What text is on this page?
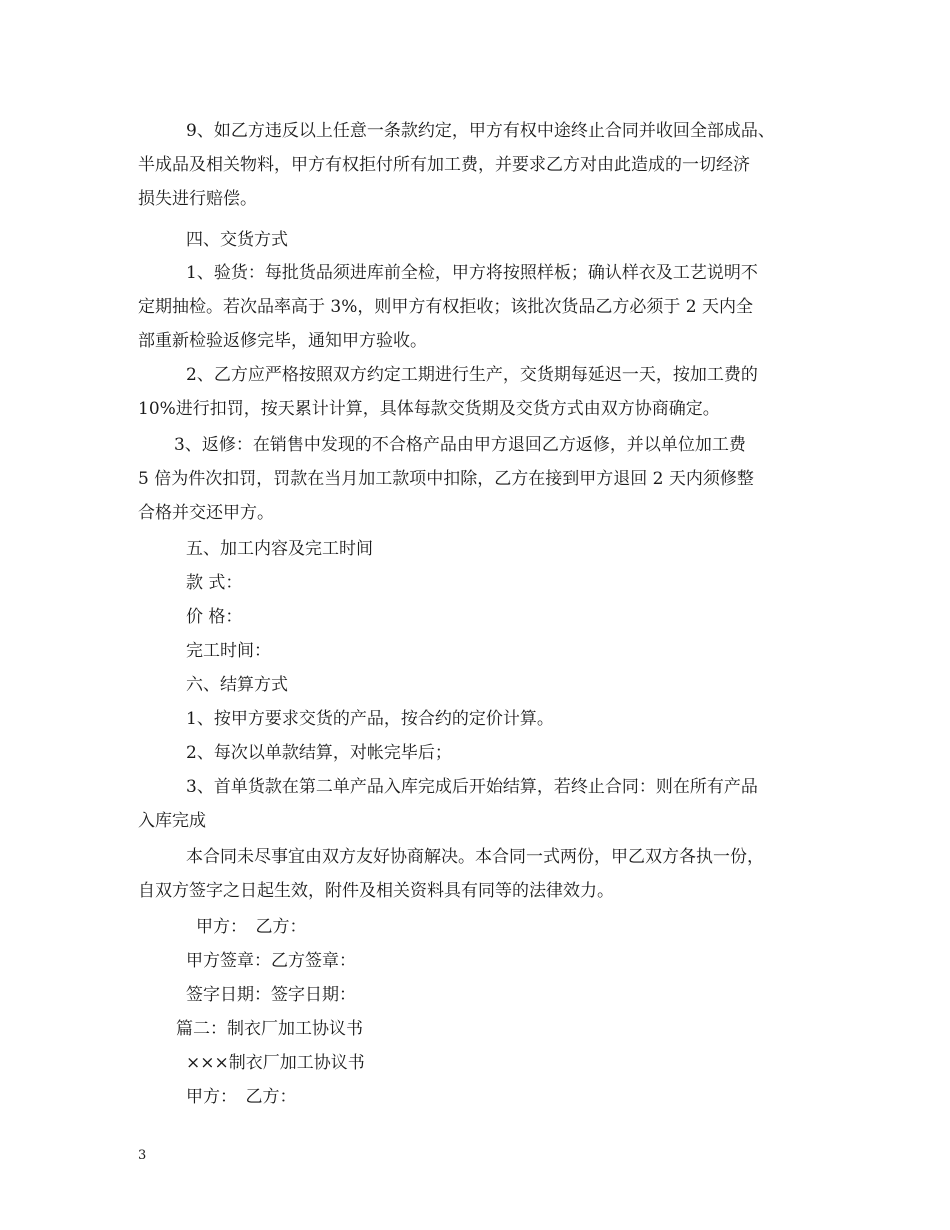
9、如乙方违反以上任意一条款约定，甲方有权中途终止合同并收回全部成品、
半成品及相关物料，甲方有权拒付所有加工费，并要求乙方对由此造成的一切经济
损失进行赔偿。
四、交货方式
1、验货：每批货品须进库前全检，甲方将按照样板；确认样衣及工艺说明不
定期抽检。若次品率高于 3%，则甲方有权拒收；该批次货品乙方必须于 2 天内全
部重新检验返修完毕，通知甲方验收。
2、乙方应严格按照双方约定工期进行生产，交货期每延迟一天，按加工费的
10%进行扣罚，按天累计计算，具体每款交货期及交货方式由双方协商确定。
3、返修：在销售中发现的不合格产品由甲方退回乙方返修，并以单位加工费
5 倍为件次扣罚，罚款在当月加工款项中扣除，乙方在接到甲方退回 2 天内须修整
合格并交还甲方。
五、加工内容及完工时间
款 式：
价 格：
完工时间：
六、结算方式
1、按甲方要求交货的产品，按合约的定价计算。
2、每次以单款结算，对帐完毕后；
3、首单货款在第二单产品入库完成后开始结算，若终止合同：则在所有产品
入库完成
本合同未尽事宜由双方友好协商解决。本合同一式两份，甲乙双方各执一份，
自双方签字之日起生效，附件及相关资料具有同等的法律效力。
甲方：　乙方：
甲方签章：乙方签章：
签字日期：签字日期：
篇二：制衣厂加工协议书
×××制衣厂加工协议书
甲方：　乙方：
3
